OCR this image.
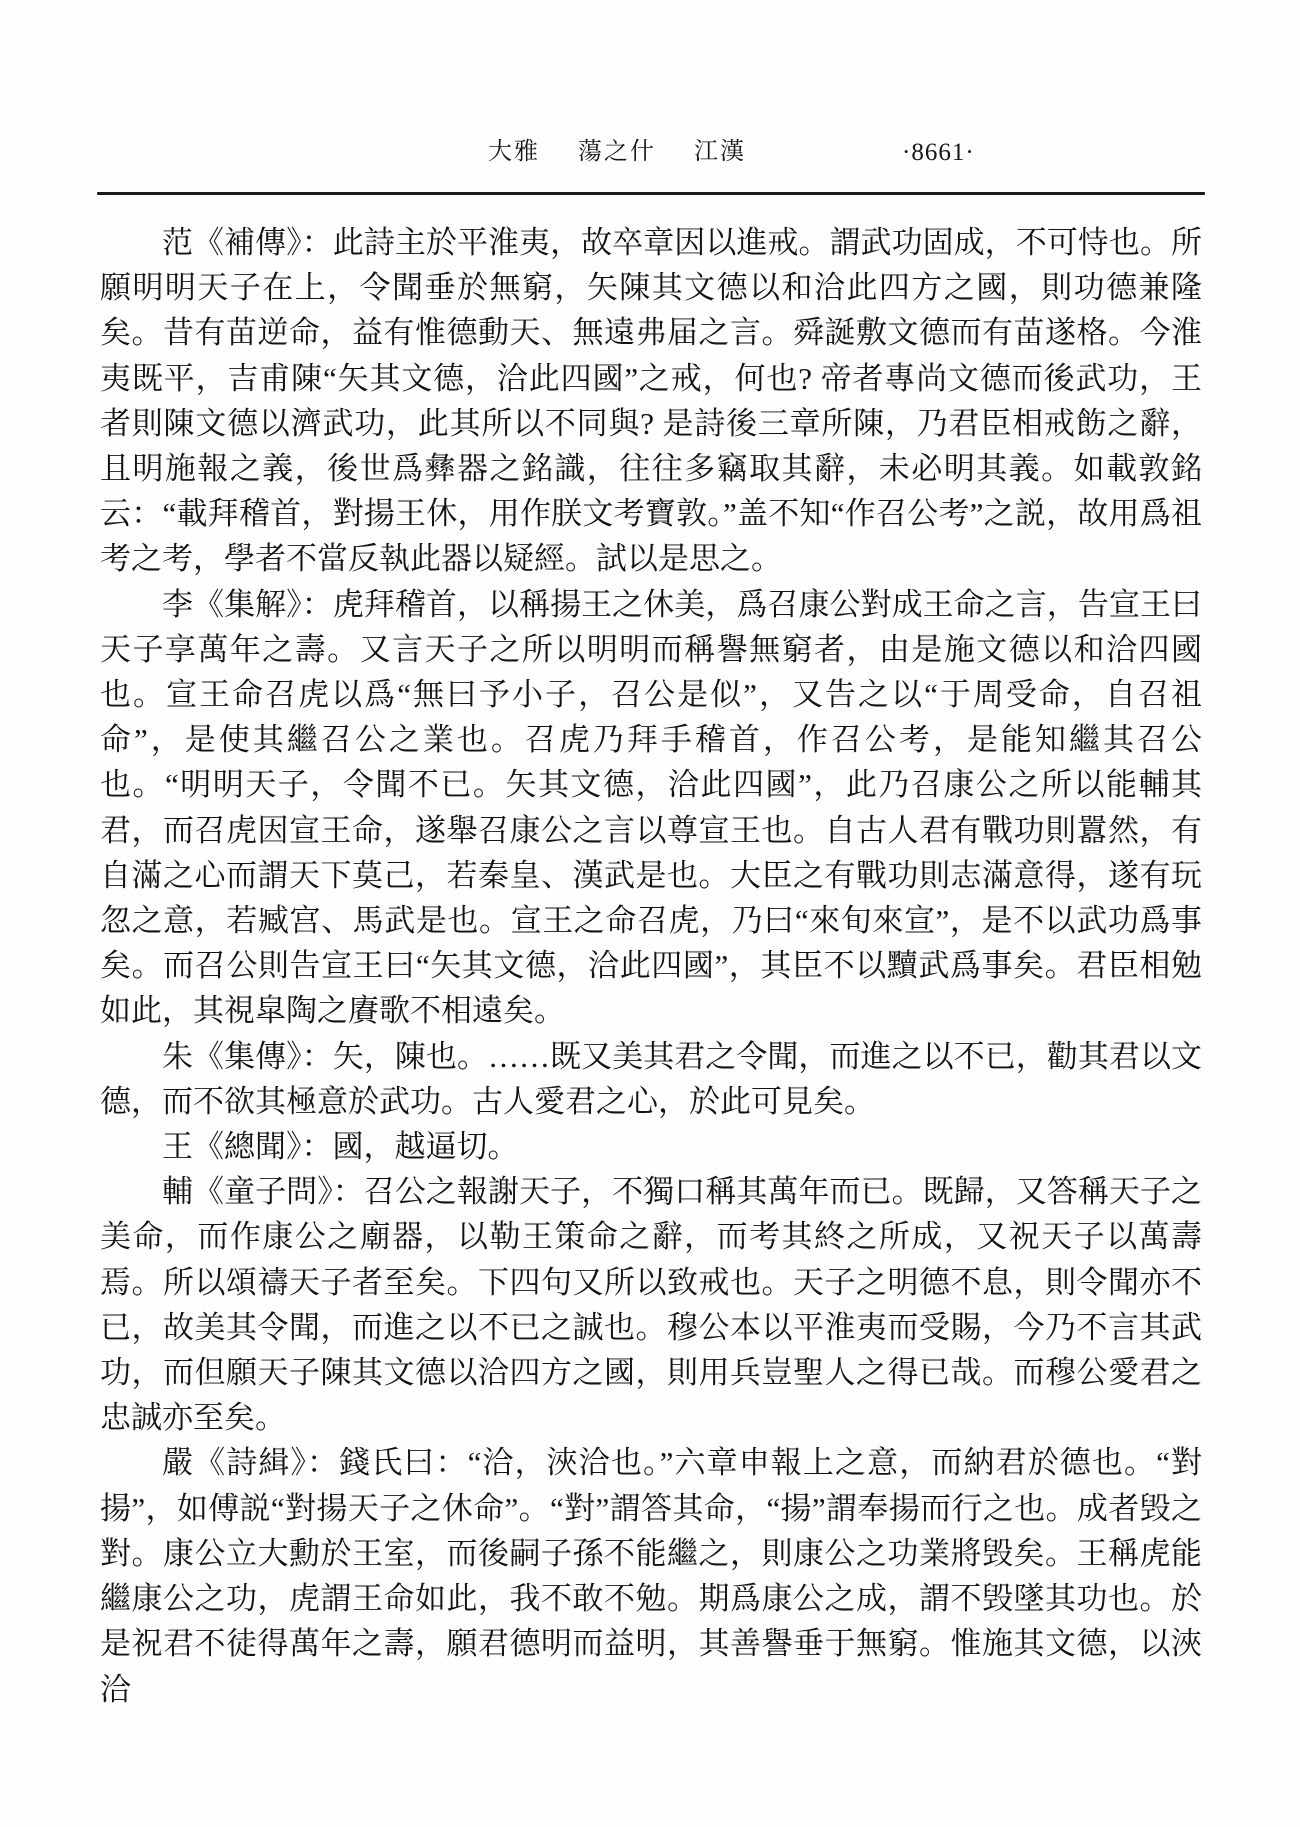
大雅 蕩之什 江漢	·8661·

范《補傳》：此詩主於平淮夷，故卒章因以進戒。謂武功固成，不可恃也。所願明明天子在上，令聞垂於無窮，矢陳其文德以和洽此四方之國，則功德兼隆矣。昔有苗逆命，益有惟德動天、無遠弗届之言。舜誕敷文德而有苗遂格。今淮夷既平，吉甫陳“矢其文德，洽此四國”之戒，何也? 帝者專尚文德而後武功，王者則陳文德以濟武功，此其所以不同與? 是詩後三章所陳，乃君臣相戒飭之辭，且明施報之義，後世爲彝器之銘識，往往多竊取其辭，未必明其義。如載敦銘云：“載拜稽首，對揚王休，用作朕文考寶敦。”盖不知“作召公考”之説，故用爲祖考之考，學者不當反執此器以疑經。試以是思之。

李《集解》：虎拜稽首，以稱揚王之休美，爲召康公對成王命之言，告宣王曰天子享萬年之壽。又言天子之所以明明而稱譽無窮者，由是施文德以和洽四國也。宣王命召虎以爲“無曰予小子，召公是似”，又告之以“于周受命，自召祖命”，是使其繼召公之業也。召虎乃拜手稽首，作召公考，是能知繼其召公也。“明明天子，令聞不已。矢其文德，洽此四國”，此乃召康公之所以能輔其君，而召虎因宣王命，遂舉召康公之言以尊宣王也。自古人君有戰功則囂然，有自滿之心而謂天下莫己，若秦皇、漢武是也。大臣之有戰功則志滿意得，遂有玩忽之意，若臧宫、馬武是也。宣王之命召虎，乃曰“來旬來宣”，是不以武功爲事矣。而召公則告宣王曰“矢其文德，洽此四國”，其臣不以黷武爲事矣。君臣相勉如此，其視皐陶之賡歌不相遠矣。

朱《集傳》：矢，陳也。……既又美其君之令聞，而進之以不已，勸其君以文德，而不欲其極意於武功。古人愛君之心，於此可見矣。

王《總聞》：國，越逼切。

輔《童子問》：召公之報謝天子，不獨口稱其萬年而已。既歸，又答稱天子之美命，而作康公之廟器，以勒王策命之辭，而考其終之所成，又祝天子以萬壽焉。所以頌禱天子者至矣。下四句又所以致戒也。天子之明德不息，則令聞亦不已，故美其令聞，而進之以不已之誠也。穆公本以平淮夷而受賜，今乃不言其武功，而但願天子陳其文德以洽四方之國，則用兵豈聖人之得已哉。而穆公愛君之忠誠亦至矣。

嚴《詩緝》：錢氏曰：“洽，浹洽也。”六章申報上之意，而納君於德也。“對揚”，如傅説“對揚天子之休命”。“對”謂答其命，“揚”謂奉揚而行之也。成者毁之對。康公立大勳於王室，而後嗣子孫不能繼之，則康公之功業將毁矣。王稱虎能繼康公之功，虎謂王命如此，我不敢不勉。期爲康公之成，謂不毁墜其功也。於是祝君不徒得萬年之壽，願君德明而益明，其善譽垂于無窮。惟施其文德，以浹洽
